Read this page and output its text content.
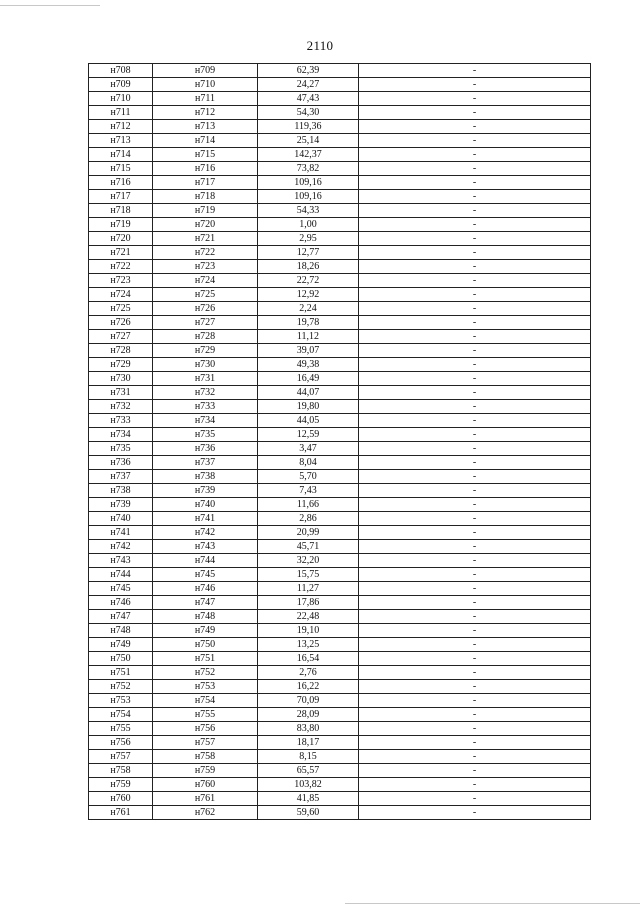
2110
н708	н709	62,39	-
н709	н710	24,27	-
н710	н711	47,43	-
н711	н712	54,30	-
н712	н713	119,36	-
н713	н714	25,14	-
н714	н715	142,37	-
н715	н716	73,82	-
н716	н717	109,16	-
н717	н718	109,16	-
н718	н719	54,33	-
н719	н720	1,00	-
н720	н721	2,95	-
н721	н722	12,77	-
н722	н723	18,26	-
н723	н724	22,72	-
н724	н725	12,92	-
н725	н726	2,24	-
н726	н727	19,78	-
н727	н728	11,12	-
н728	н729	39,07	-
н729	н730	49,38	-
н730	н731	16,49	-
н731	н732	44,07	-
н732	н733	19,80	-
н733	н734	44,05	-
н734	н735	12,59	-
н735	н736	3,47	-
н736	н737	8,04	-
н737	н738	5,70	-
н738	н739	7,43	-
н739	н740	11,66	-
н740	н741	2,86	-
н741	н742	20,99	-
н742	н743	45,71	-
н743	н744	32,20	-
н744	н745	15,75	-
н745	н746	11,27	-
н746	н747	17,86	-
н747	н748	22,48	-
н748	н749	19,10	-
н749	н750	13,25	-
н750	н751	16,54	-
н751	н752	2,76	-
н752	н753	16,22	-
н753	н754	70,09	-
н754	н755	28,09	-
н755	н756	83,80	-
н756	н757	18,17	-
н757	н758	8,15	-
н758	н759	65,57	-
н759	н760	103,82	-
н760	н761	41,85	-
н761	н762	59,60	-
